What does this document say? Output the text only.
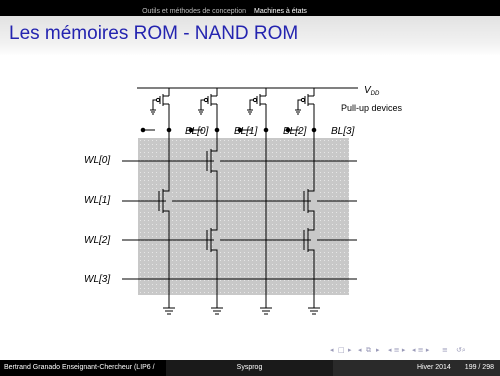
Outils et méthodes de conception	Machines à états
Les mémoires ROM - NAND ROM
$V_{DD}$
Pull-up devices
BL[0]	BL[1]	BL[2] BL[3]
WL[0]
WL[1]
WL[2]
WL[3]
◂ □ ▸ ◂ ⧉ ▸ ◂ ≡ ▸ ◂ ≡ ▸ ≡ ↺⌕
Bertrand Granado Enseignant-Chercheur (LIP6 /	Sysprog	Hiver 2014 199 / 298
